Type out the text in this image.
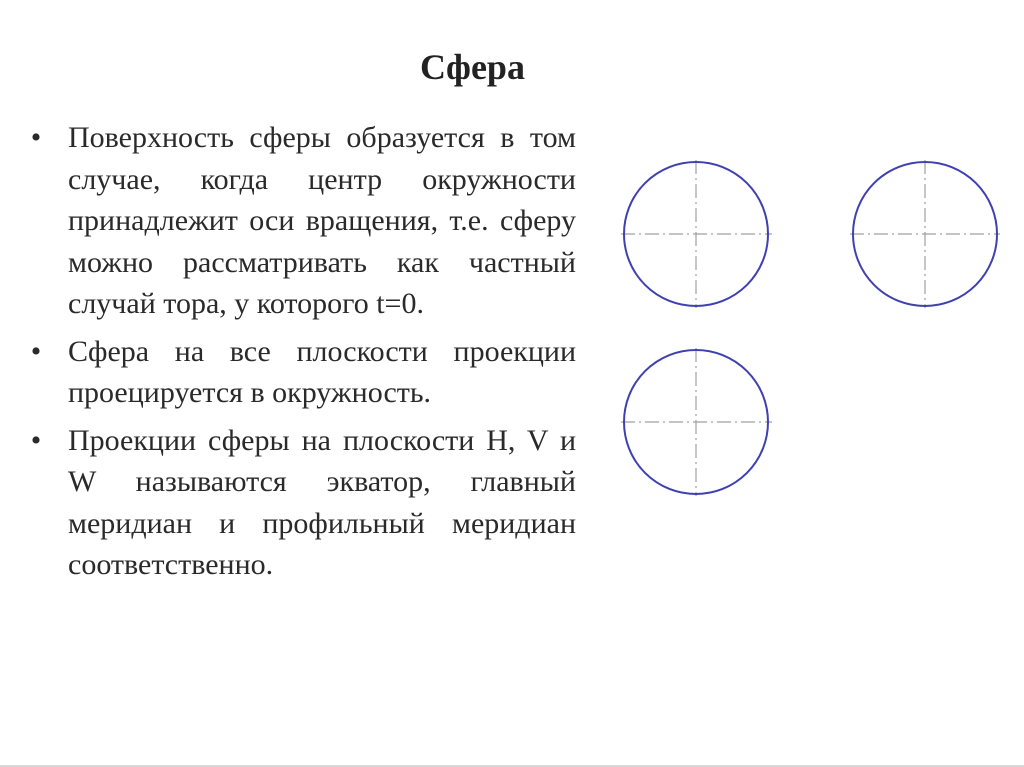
Сфера
• Поверхность сферы образуется в том случае, когда центр окружности принадлежит оси вращения, т.е. сферу можно рассматривать как частный случай тора, у которого t=0.
• Сфера на все плоскости проекции проецируется в окружность.
• Проекции сферы на плоскости H, V и W называются экватор, главный меридиан и профильный меридиан соответственно.
